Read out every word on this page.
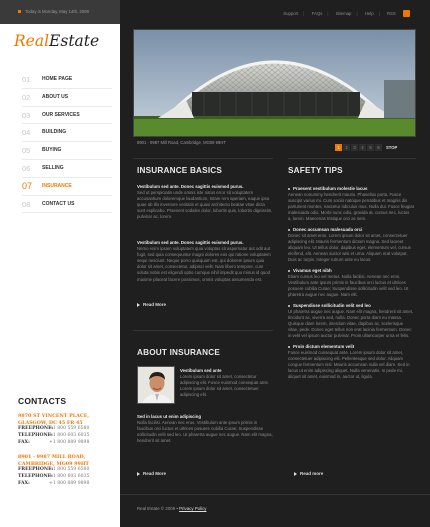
Today is Monday, May 14th, 2009
RealEstate
01 HOME PAGE
02 ABOUT US
03 OUR SERVICES
04 BUILDING
05 BUYING
06 SELLING
07 INSURANCE
08 CONTACT US
CONTACTS
9870 ST VINCENT PLACE,
GLASGOW, DC 45 FR 45
FREEPHONE:+1 800 559 6580
TELEPHONE:+1 800 603 6035
FAX:	+1 800 889 9898
8901 - 9987 MILL ROAD,
CAMBRIDGE, MG09 99HT
FREEPHONE:+1 800 559 6580
TELEPHONE:+1 800 603 6035
FAX:	+1 800 889 9898
Support | FAQs | Sitemap | Help | RSS
8901 - 9987 Mill Road, Cambridge, MG09 99HT
1 2 3 4 5 6 STOP
INSURANCE BASICS
Vestibulum sed ante. Donec sagittis euismod purus.
Sed ut perspiciatis unde omnis iste natus error sit voluptatem accusantium doloremque laudantium, totam rem aperiam, eaque ipsa quae ab illo inventore veritatis et quasi architecto beatae vitae dicta sunt explicabo. Praesent sodales dolor, lobortis quis, lobortis dignissim, pulvinar ac, lorem.
Vestibulum sed ante. Donec sagittis euismod purus.
Nemo enim ipsam voluptatem quia voluptas sit aspernatur aut odit aut fugit, sed quia consequuntur magni dolores eos qui ratione voluptatem sequi nesciunt. Neque porro quisquam est, qui dolorem ipsum quia dolor sit amet, consectetur, adipisci velit. Nam libero tempore, cum soluta nobis est eligendi optio cumque nihil impedit quo minus id quod maxime placeat facere possimus, omnis voluptas assumenda est.
Read More
ABOUT INSURANCE
Vestibulum sed ante
Lorem ipsum dolor sit amet, consectetur adipiscing elit. Fusce euismod consequat ante. Lorem ipsum dolor sit amet, consectetuer adipiscing elit.
Sed in lacus ut enim adipiscing
Nulla facilisi. Aenean nec eros. Vestibulum ante ipsum primis in faucibus orci luctus et ultrices posuere cubilia Curae; Suspendisse sollicitudin velit sed leo. Ut pharetra augue nec augue. Nam elit magna, hendrerit sit amet.
Read More
SAFETY TIPS
Praesent vestibulum molestie lacus
Aenean nonummy hendrerit mauris. Phasellus porta. Fusce suscipit varius mi. Cum sociis natoque penatibus et magnis dis parturient montes, nascetur ridiculus mus. Nulla dui. Fusce feugiat malesuada odio. Morbi nunc odio, gravida at, cursus nec, luctus a, lorem. Maecenas tristique orci ac sem.
Donec accumsan malesuada orci
Donec sit amet eros. Lorem ipsum dolor sit amet, consectetuer adipiscing elit. Mauris fermentum dictum magna. Sed laoreet aliquam leo. Ut tellus dolor, dapibus eget, elementum vel, cursus eleifend, elit. Aenean auctor wisi et urna. Aliquam erat volutpat. Duis ac turpis. Integer rutrum ante eu lacus.
Vivamus eget nibh
Etiam cursus leo vel metus. Nulla facilisi. Aenean nec eros. Vestibulum ante ipsum primis in faucibus orci luctus et ultrices posuere cubilia Curae; Suspendisse sollicitudin velit sed leo. Ut pharetra augue nec augue. Nam elit.
Suspendisse sollicitudin velit sed leo
Ut pharetra augue nec augue. Nam elit magna, hendrerit sit amet, tincidunt ac, viverra sed, nulla. Donec porta diam eu massa. Quisque diam lorem, interdum vitae, dapibus ac, scelerisque vitae, pede. Donec eget tellus non erat lacinia fermentum. Donec in velit vel ipsum auctor pulvinar. Proin ullamcorper urna et felis.
Proin dictum elementum velit
Fusce euismod consequat ante. Lorem ipsum dolor sit amet, consectetuer adipiscing elit. Pellentesque sed dolor. Aliquam congue fermentum nisl. Mauris accumsan nulla vel diam. Sed in lacus ut enim adipiscing aliquet. Nulla venenatis. In pede mi, aliquet sit amet, euismod in, auctor ut, ligula.
Read more
Real Estate © 2009 • Privacy Policy
